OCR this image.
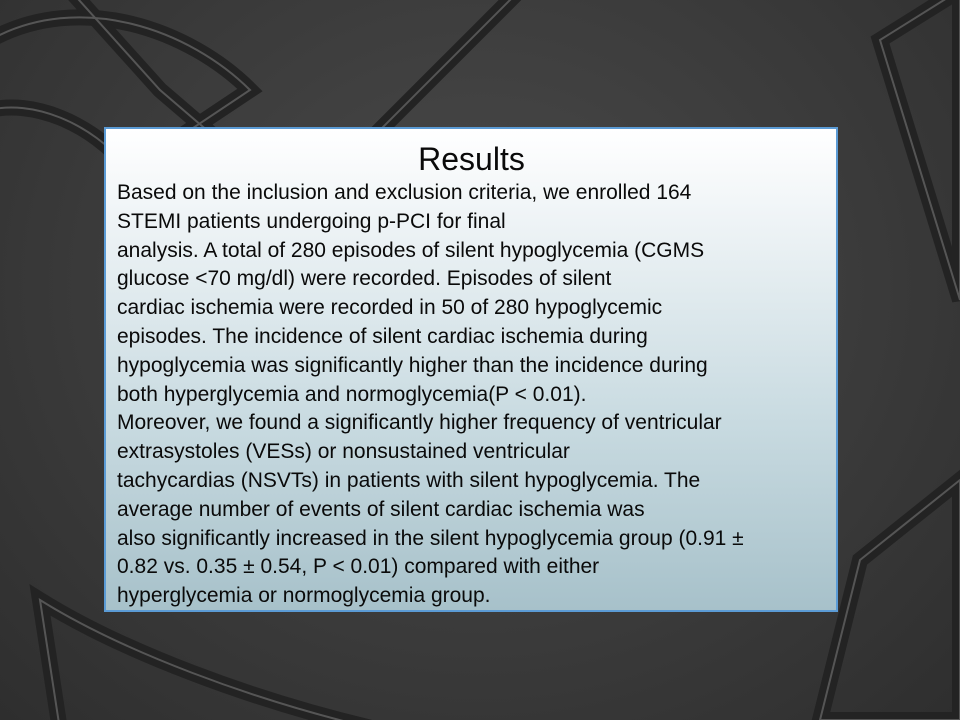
Results
Based on the inclusion and exclusion criteria, we enrolled 164
STEMI patients undergoing p-PCI for final
analysis. A total of 280 episodes of silent hypoglycemia (CGMS
glucose <70 mg/dl) were recorded. Episodes of silent
cardiac ischemia were recorded in 50 of 280 hypoglycemic
episodes. The incidence of silent cardiac ischemia during
hypoglycemia was significantly higher than the incidence during
both hyperglycemia and normoglycemia(P < 0.01).
Moreover, we found a significantly higher frequency of ventricular
extrasystoles (VESs) or nonsustained ventricular
tachycardias (NSVTs) in patients with silent hypoglycemia. The
average number of events of silent cardiac ischemia was
also significantly increased in the silent hypoglycemia group (0.91 ±
0.82 vs. 0.35 ± 0.54, P < 0.01) compared with either
hyperglycemia or normoglycemia group.
